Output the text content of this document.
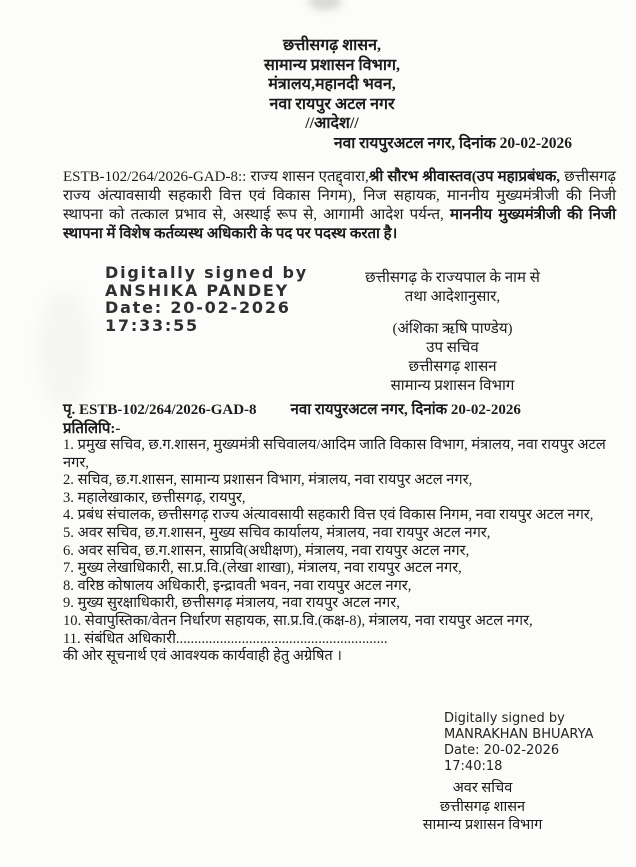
छत्तीसगढ़ शासन,
सामान्य प्रशासन विभाग,
मंत्रालय,महानदी भवन,
नवा रायपुर अटल नगर
//आदेश//
नवा रायपुरअटल नगर, दिनांक 20-02-2026
ESTB-102/264/2026-GAD-8:: राज्य शासन एतद्द्वारा,श्री सौरभ श्रीवास्तव(उप महाप्रबंधक, छत्तीसगढ़ राज्य अंत्यावसायी सहकारी वित्त एवं विकास निगम), निज सहायक, माननीय मुख्यमंत्रीजी की निजी स्थापना को तत्काल प्रभाव से, अस्थाई रूप से, आगामी आदेश पर्यन्त, माननीय मुख्यमंत्रीजी की निजी स्थापना में विशेष कर्तव्यस्थ अधिकारी के पद पर पदस्थ करता है।
Digitally signed by
ANSHIKA PANDEY
Date: 20-02-2026
17:33:55
छत्तीसगढ़ के राज्यपाल के नाम से
तथा आदेशानुसार,
(अंशिका ऋषि पाण्डेय)
उप सचिव
छत्तीसगढ़ शासन
सामान्य प्रशासन विभाग
पृ. ESTB-102/264/2026-GAD-8 नवा रायपुरअटल नगर, दिनांक 20-02-2026
प्रतिलिपि:-
1. प्रमुख सचिव, छ.ग.शासन, मुख्यमंत्री सचिवालय/आदिम जाति विकास विभाग, मंत्रालय, नवा रायपुर अटल नगर,
2. सचिव, छ.ग.शासन, सामान्य प्रशासन विभाग, मंत्रालय, नवा रायपुर अटल नगर,
3. महालेखाकार, छत्तीसगढ़, रायपुर,
4. प्रबंध संचालक, छत्तीसगढ़ राज्य अंत्यावसायी सहकारी वित्त एवं विकास निगम, नवा रायपुर अटल नगर,
5. अवर सचिव, छ.ग.शासन, मुख्य सचिव कार्यालय, मंत्रालय, नवा रायपुर अटल नगर,
6. अवर सचिव, छ.ग.शासन, साप्रवि(अधीक्षण), मंत्रालय, नवा रायपुर अटल नगर,
7. मुख्य लेखाधिकारी, सा.प्र.वि.(लेखा शाखा), मंत्रालय, नवा रायपुर अटल नगर,
8. वरिष्ठ कोषालय अधिकारी, इन्द्रावती भवन, नवा रायपुर अटल नगर,
9. मुख्य सुरक्षाधिकारी, छत्तीसगढ़ मंत्रालय, नवा रायपुर अटल नगर,
10. सेवापुस्तिका/वेतन निर्धारण सहायक, सा.प्र.वि.(कक्ष-8), मंत्रालय, नवा रायपुर अटल नगर,
11. संबंधित अधिकारी..........................................................
की ओर सूचनार्थ एवं आवश्यक कार्यवाही हेतु अग्रेषित ।
Digitally signed by
MANRAKHAN BHUARYA
Date: 20-02-2026
17:40:18
अवर सचिव
छत्तीसगढ़ शासन
सामान्य प्रशासन विभाग
